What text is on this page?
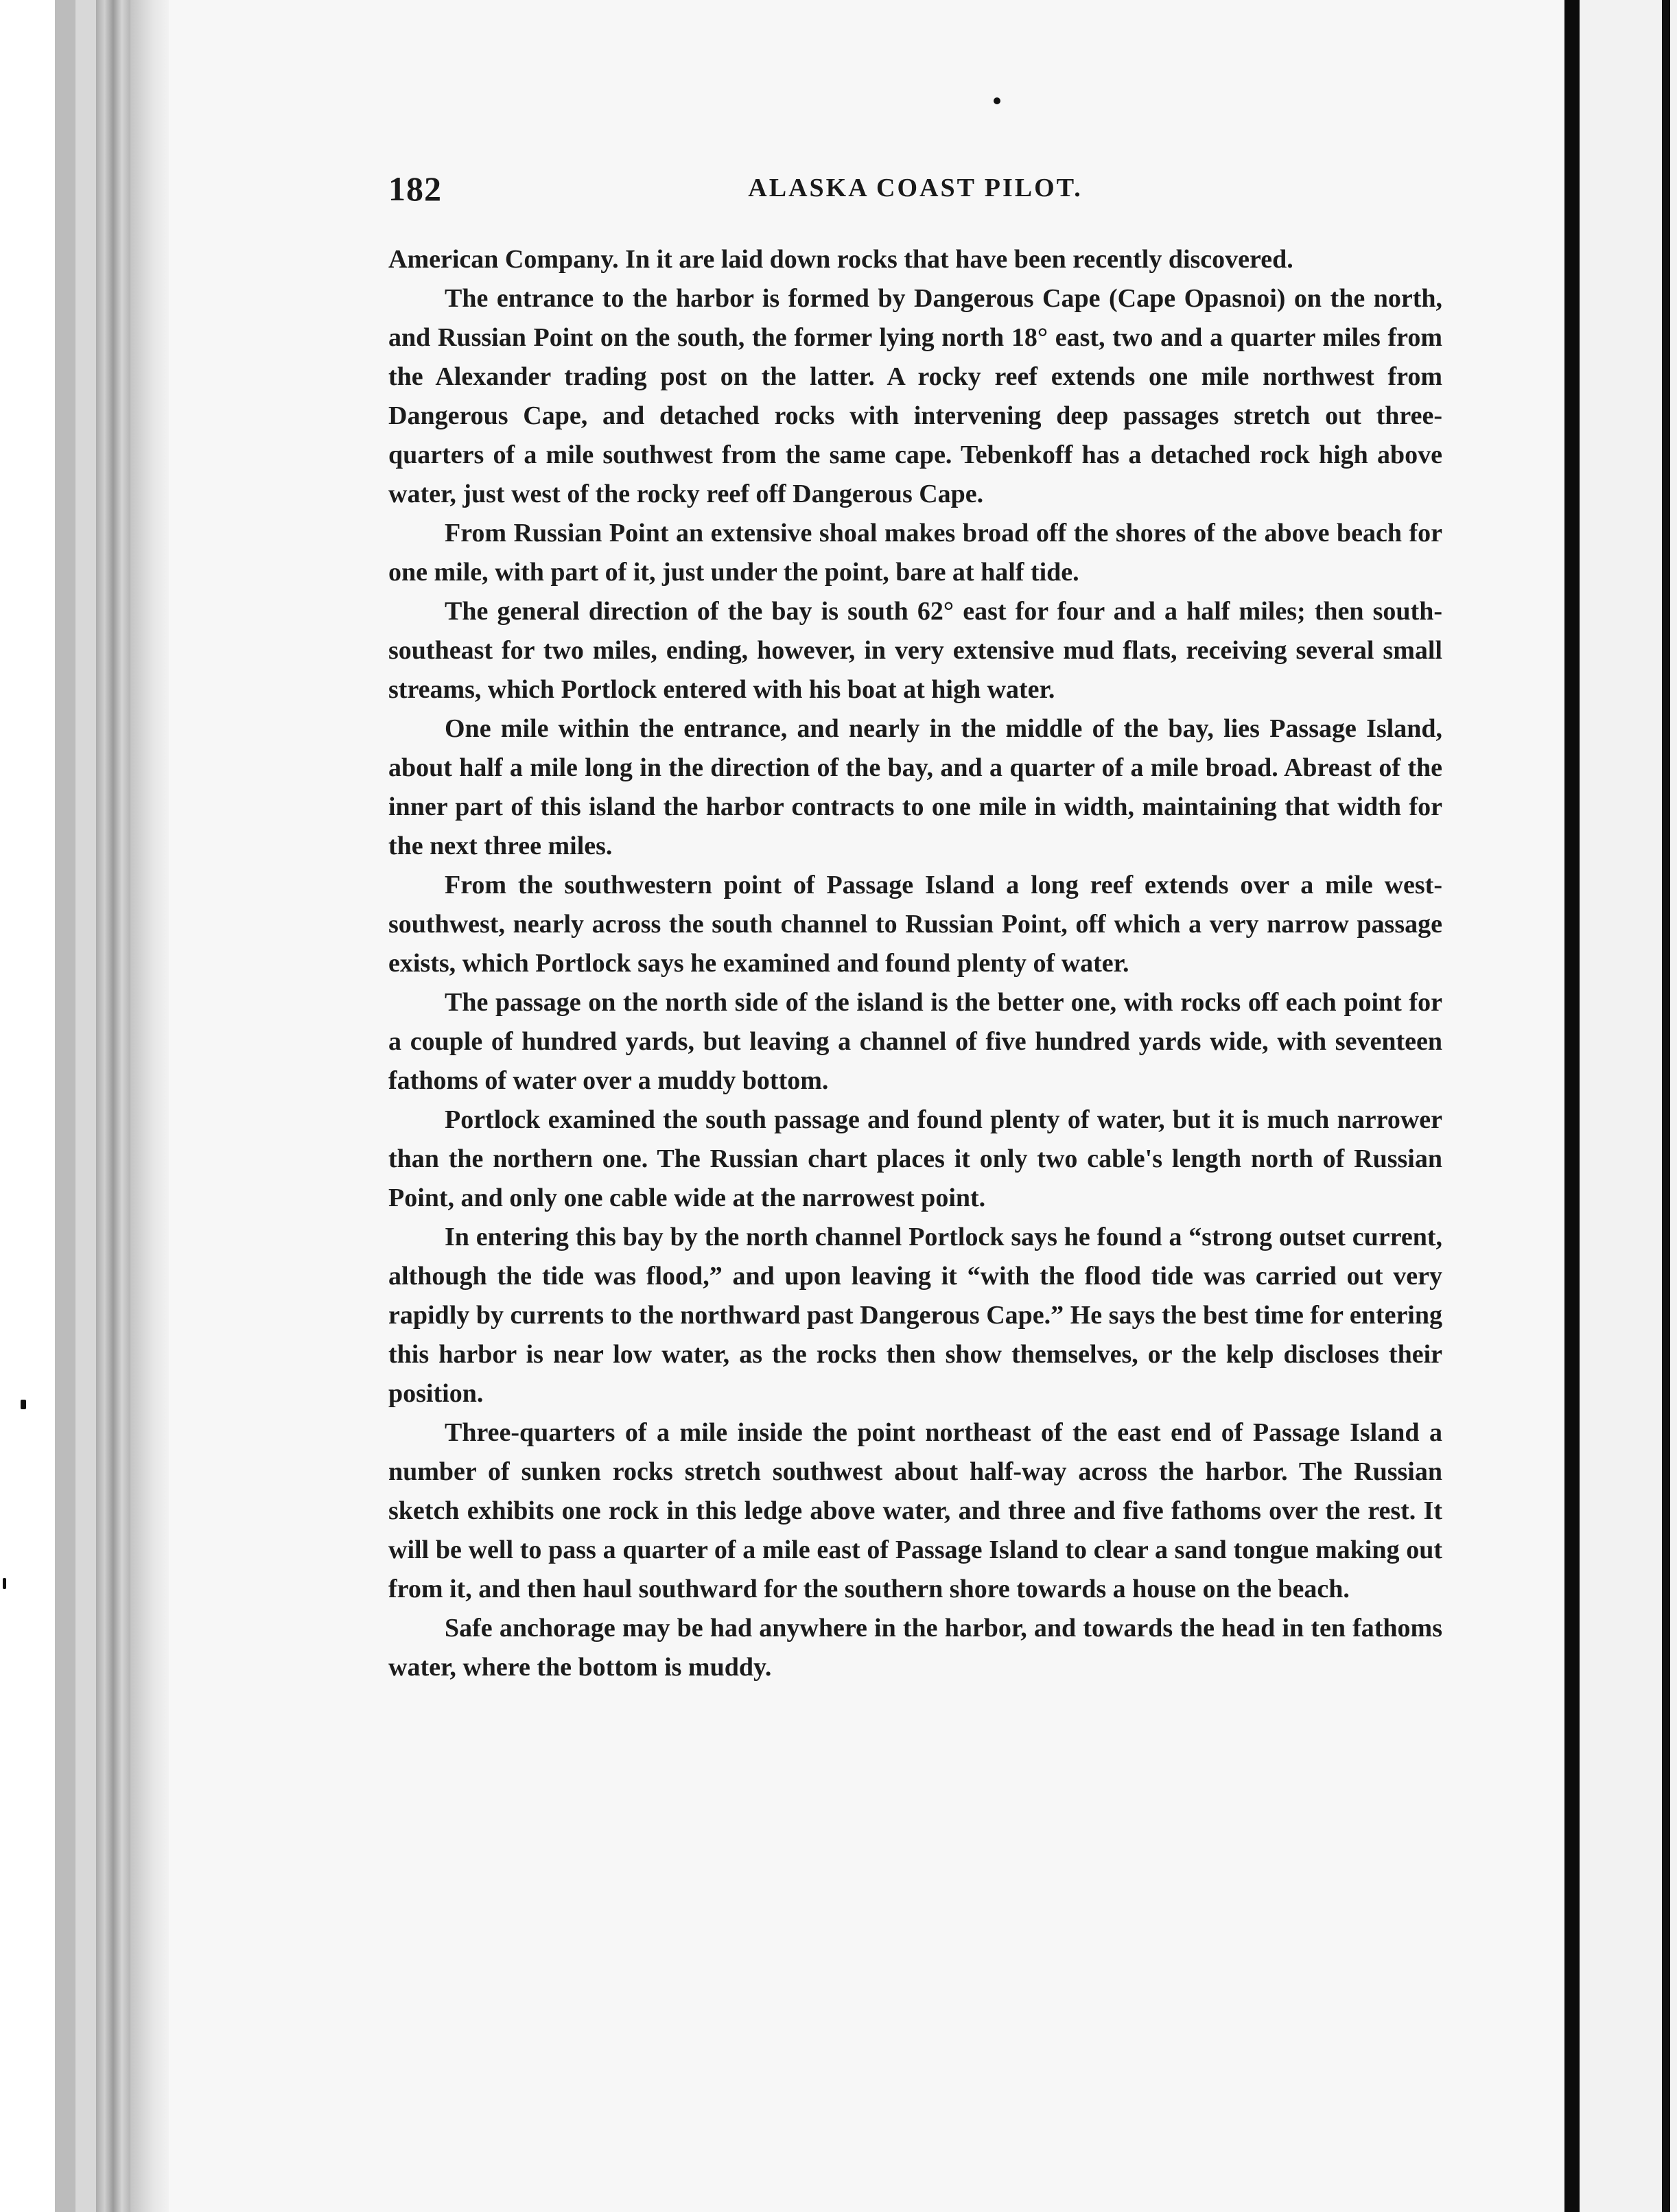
182	ALASKA COAST PILOT.

American Company. In it are laid down rocks that have been recently discovered.

The entrance to the harbor is formed by Dangerous Cape (Cape Opasnoi) on the north, and Russian Point on the south, the former lying north 18° east, two and a quarter miles from the Alexander trading post on the latter. A rocky reef extends one mile northwest from Dangerous Cape, and detached rocks with intervening deep passages stretch out three-quarters of a mile southwest from the same cape. Tebenkoff has a detached rock high above water, just west of the rocky reef off Dangerous Cape.

From Russian Point an extensive shoal makes broad off the shores of the above beach for one mile, with part of it, just under the point, bare at half tide.

The general direction of the bay is south 62° east for four and a half miles; then south-southeast for two miles, ending, however, in very extensive mud flats, receiving several small streams, which Portlock entered with his boat at high water.

One mile within the entrance, and nearly in the middle of the bay, lies Passage Island, about half a mile long in the direction of the bay, and a quarter of a mile broad. Abreast of the inner part of this island the harbor contracts to one mile in width, maintaining that width for the next three miles.

From the southwestern point of Passage Island a long reef extends over a mile west-southwest, nearly across the south channel to Russian Point, off which a very narrow passage exists, which Portlock says he examined and found plenty of water.

The passage on the north side of the island is the better one, with rocks off each point for a couple of hundred yards, but leaving a channel of five hundred yards wide, with seventeen fathoms of water over a muddy bottom.

Portlock examined the south passage and found plenty of water, but it is much narrower than the northern one. The Russian chart places it only two cable's length north of Russian Point, and only one cable wide at the narrowest point.

In entering this bay by the north channel Portlock says he found a “strong outset current, although the tide was flood,” and upon leaving it “with the flood tide was carried out very rapidly by currents to the northward past Dangerous Cape.” He says the best time for entering this harbor is near low water, as the rocks then show themselves, or the kelp discloses their position.

Three-quarters of a mile inside the point northeast of the east end of Passage Island a number of sunken rocks stretch southwest about half-way across the harbor. The Russian sketch exhibits one rock in this ledge above water, and three and five fathoms over the rest. It will be well to pass a quarter of a mile east of Passage Island to clear a sand tongue making out from it, and then haul southward for the southern shore towards a house on the beach.

Safe anchorage may be had anywhere in the harbor, and towards the head in ten fathoms water, where the bottom is muddy.
